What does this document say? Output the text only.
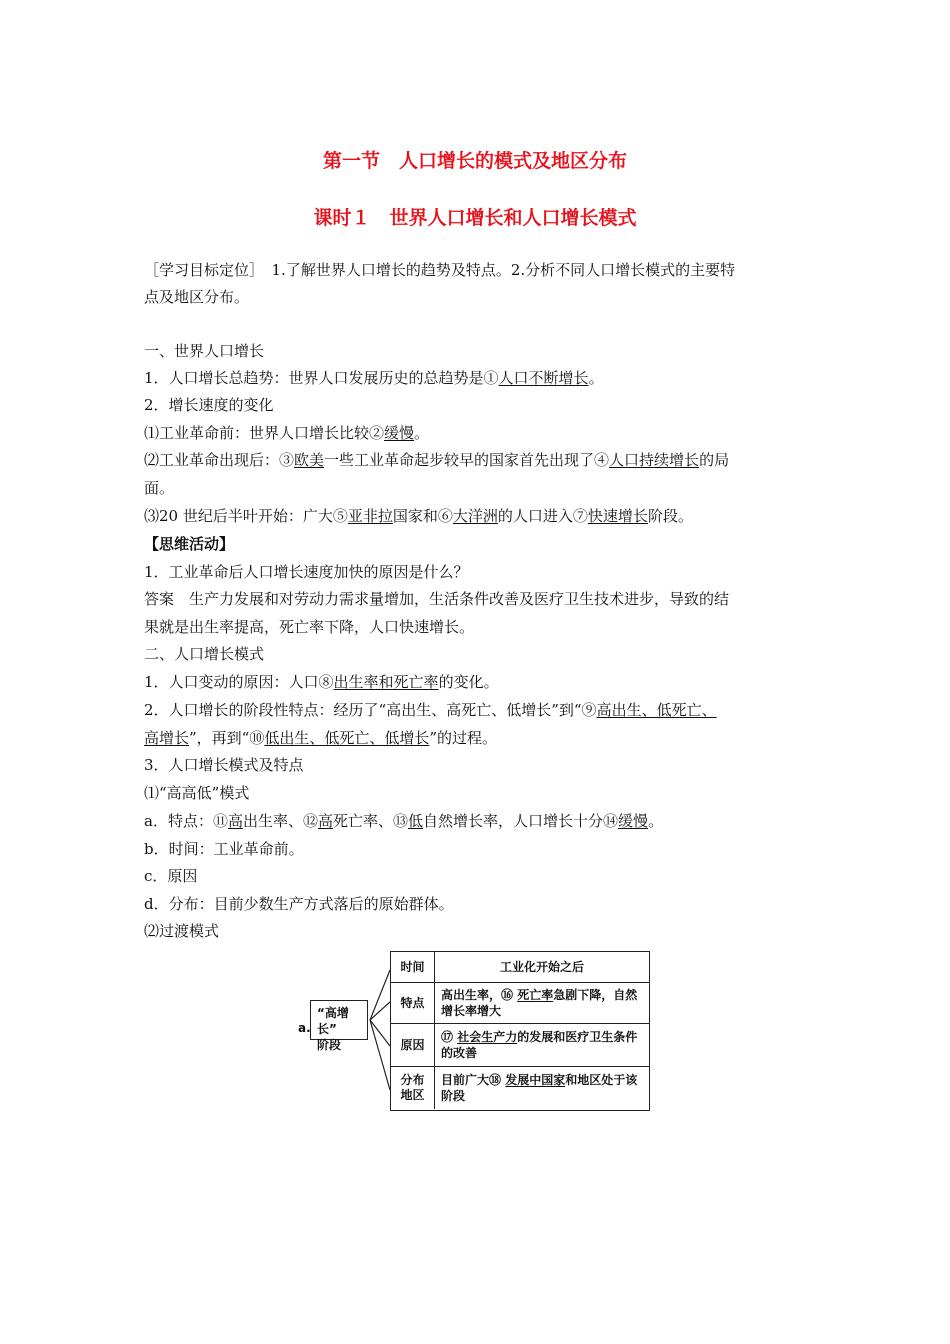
第一节　人口增长的模式及地区分布
课时１　世界人口增长和人口增长模式
［学习目标定位］　1.了解世界人口增长的趋势及特点。2.分析不同人口增长模式的主要特
点及地区分布。
一、世界人口增长
1．人口增长总趋势：世界人口发展历史的总趋势是①人口不断增长。
2．增长速度的变化
⑴工业革命前：世界人口增长比较②缓慢。
⑵工业革命出现后：③欧美一些工业革命起步较早的国家首先出现了④人口持续增长的局
面。
⑶20 世纪后半叶开始：广大⑤亚非拉国家和⑥大洋洲的人口进入⑦快速增长阶段。
【思维活动】
1．工业革命后人口增长速度加快的原因是什么？
答案　生产力发展和对劳动力需求量增加，生活条件改善及医疗卫生技术进步，导致的结
果就是出生率提高，死亡率下降，人口快速增长。
二、人口增长模式
1．人口变动的原因：人口⑧出生率和死亡率的变化。
2．人口增长的阶段性特点：经历了“高出生、高死亡、低增长”到“⑨高出生、低死亡、
高增长”，再到“⑩低出生、低死亡、低增长”的过程。
3．人口增长模式及特点
⑴“高高低”模式
a．特点：⑪高出生率、⑫高死亡率、⑬低自然增长率，人口增长十分⑭缓慢。
b．时间：工业革命前。
c．原因
d．分布：目前少数生产方式落后的原始群体。
⑵过渡模式
a.
“高增长”
阶段
时间	工业化开始之后
特点
高出生率，⑯ 死亡率急剧下降，自然增长率增大
原因
⑰ 社会生产力的发展和医疗卫生条件的改善
分布
地区
目前广大⑱ 发展中国家和地区处于该阶段
